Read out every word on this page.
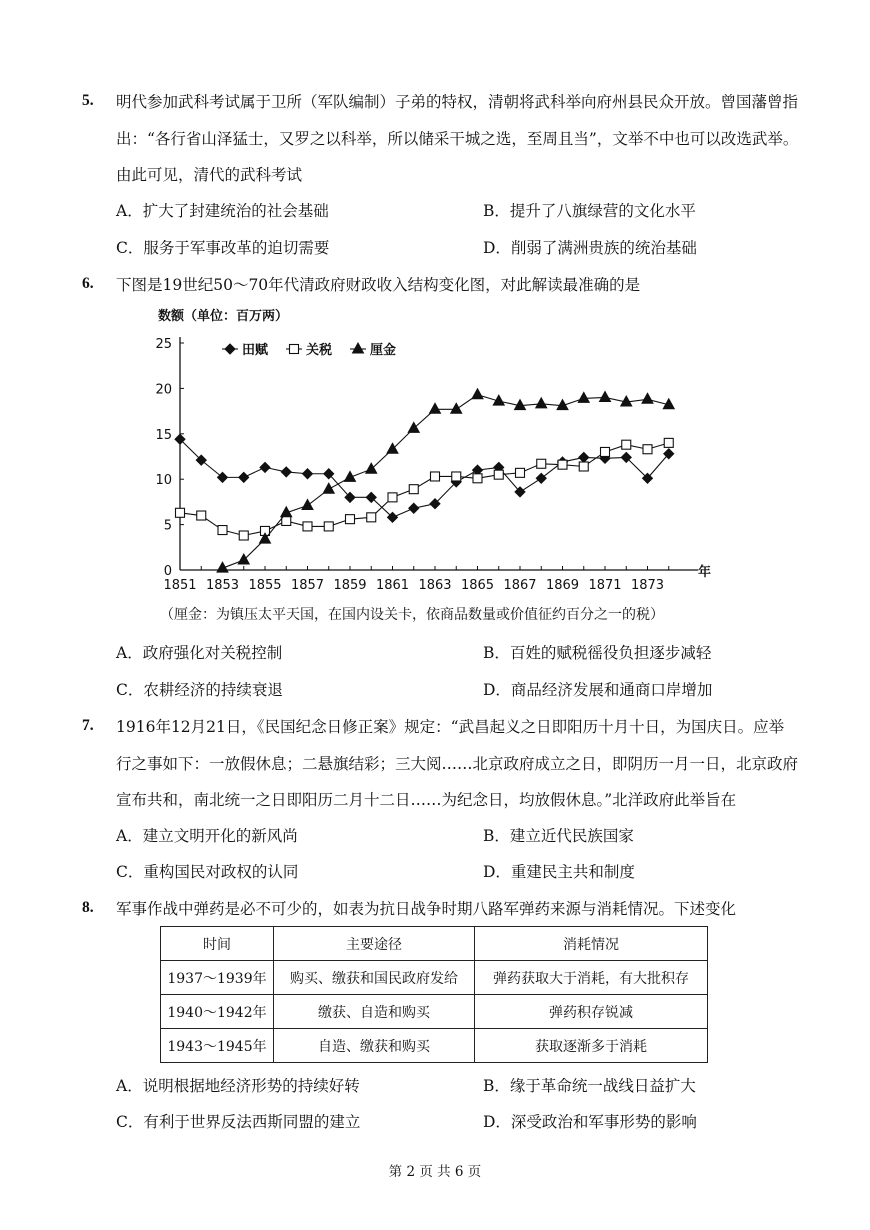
5. 明代参加武科考试属于卫所（军队编制）子弟的特权，清朝将武科举向府州县民众开放。曾国藩曾指
出：“各行省山泽猛士，又罗之以科举，所以储采干城之选，至周且当”，文举不中也可以改选武举。
由此可见，清代的武科考试
A．扩大了封建统治的社会基础	B．提升了八旗绿营的文化水平
C．服务于军事改革的迫切需要	D．削弱了满洲贵族的统治基础
6. 下图是19世纪50～70年代清政府财政收入结构变化图，对此解读最准确的是
数额（单位：百万两）
0
5
10
15
20
25
1851 1853 1855 1857 1859 1861 1863 1865 1867 1869 1871 1873
年
田赋	关税	厘金
（厘金：为镇压太平天国，在国内设关卡，依商品数量或价值征约百分之一的税）
A．政府强化对关税控制	B．百姓的赋税徭役负担逐步减轻
C．农耕经济的持续衰退	D．商品经济发展和通商口岸增加
7. 1916年12月21日，《民国纪念日修正案》规定：“武昌起义之日即阳历十月十日，为国庆日。应举
行之事如下：一放假休息；二悬旗结彩；三大阅……北京政府成立之日，即阴历一月一日，北京政府
宣布共和，南北统一之日即阳历二月十二日……为纪念日，均放假休息。”北洋政府此举旨在
A．建立文明开化的新风尚	B．建立近代民族国家
C．重构国民对政权的认同	D．重建民主共和制度
8. 军事作战中弹药是必不可少的，如表为抗日战争时期八路军弹药来源与消耗情况。下述变化
时间	主要途径	消耗情况
1937～1939年	购买、缴获和国民政府发给	弹药获取大于消耗，有大批积存
1940～1942年	缴获、自造和购买	弹药积存锐减
1943～1945年	自造、缴获和购买	获取逐渐多于消耗
A．说明根据地经济形势的持续好转	B．缘于革命统一战线日益扩大
C．有利于世界反法西斯同盟的建立	D．深受政治和军事形势的影响
第 2 页 共 6 页
